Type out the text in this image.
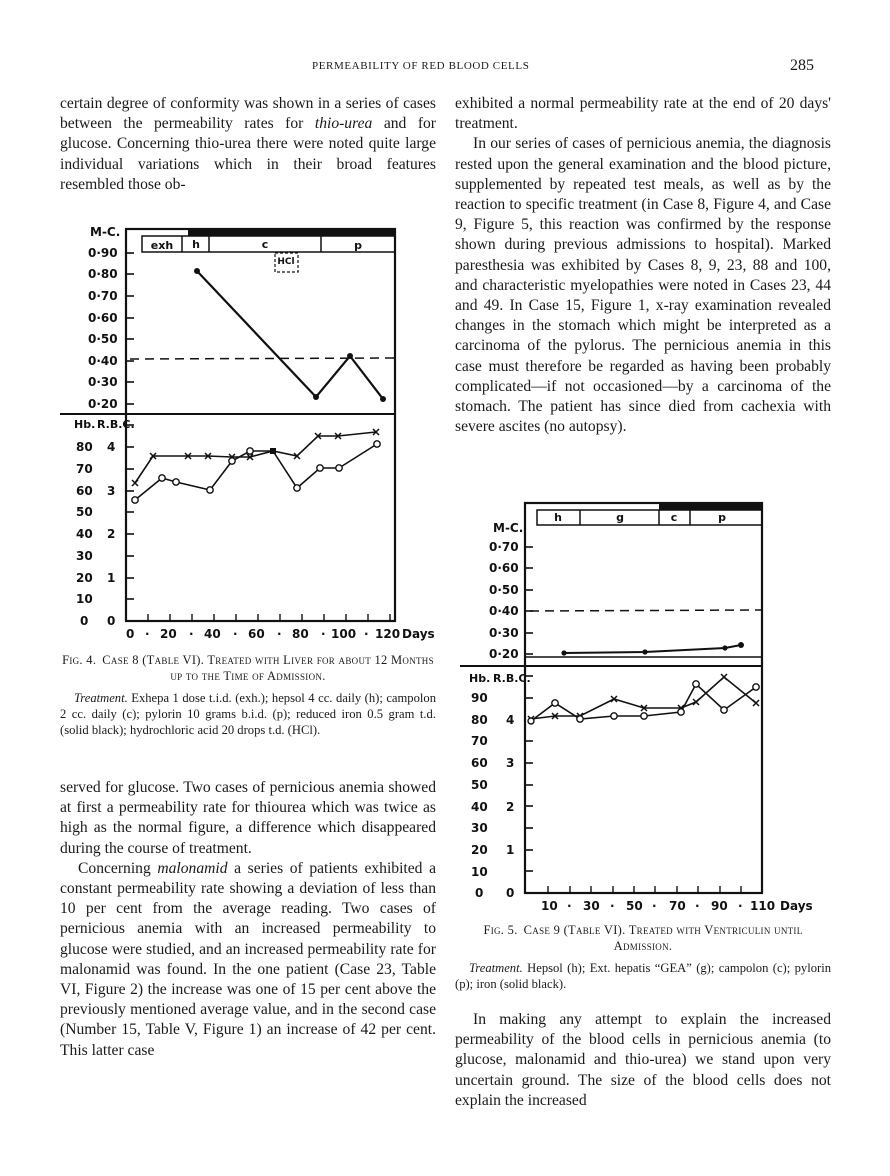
PERMEABILITY OF RED BLOOD CELLS	285

certain degree of conformity was shown in a series of cases between the permeability rates for thio-urea and for glucose. Concerning thio-urea there were noted quite large individual variations which in their broad features resembled those ob-

exh h	c	p
HCl
M-C.
0·90
0·80
0·70
0·60
0·50
0·40
0·30
0·20
Hb. R.B.C.
80
70
60
50
40
30
20
10
0
4
3
2
1
0
0 · 20 · 40 · 60 · 80 · 100 · 120 Days
Fig. 4. Case 8 (Table VI). Treated with Liver for about 12 Months up to the Time of Admission.
Treatment. Exhepa 1 dose t.i.d. (exh.); hepsol 4 cc. daily (h); campolon 2 cc. daily (c); pylorin 10 grams b.i.d. (p); reduced iron 0.5 gram t.d. (solid black); hydrochloric acid 20 drops t.d. (HCl).

served for glucose. Two cases of pernicious anemia showed at first a permeability rate for thiourea which was twice as high as the normal figure, a difference which disappeared during the course of treatment.

Concerning malonamid a series of patients exhibited a constant permeability rate showing a deviation of less than 10 per cent from the average reading. Two cases of pernicious anemia with an increased permeability to glucose were studied, and an increased permeability rate for malonamid was found. In the one patient (Case 23, Table VI, Figure 2) the increase was one of 15 per cent above the previously mentioned average value, and in the second case (Number 15, Table V, Figure 1) an increase of 42 per cent. This latter case

exhibited a normal permeability rate at the end of 20 days' treatment.

In our series of cases of pernicious anemia, the diagnosis rested upon the general examination and the blood picture, supplemented by repeated test meals, as well as by the reaction to specific treatment (in Case 8, Figure 4, and Case 9, Figure 5, this reaction was confirmed by the response shown during previous admissions to hospital). Marked paresthesia was exhibited by Cases 8, 9, 23, 88 and 100, and characteristic myelopathies were noted in Cases 23, 44 and 49. In Case 15, Figure 1, x-ray examination revealed changes in the stomach which might be interpreted as a carcinoma of the pylorus. The pernicious anemia in this case must therefore be regarded as having been probably complicated—if not occasioned—by a carcinoma of the stomach. The patient has since died from cachexia with severe ascites (no autopsy).

h	g	c	p
M-C.
0·70
0·60
0·50
0·40
0·30
0·20
Hb. R.B.C.
90
80
70
60
50
40
30
20
10
0
4
3
2
1
0
10 · 30 · 50 · 70 · 90 · 110 Days
Fig. 5. Case 9 (Table VI). Treated with Ventriculin until Admission.
Treatment. Hepsol (h); Ext. hepatis “GEA” (g); campolon (c); pylorin (p); iron (solid black).

In making any attempt to explain the increased permeability of the blood cells in pernicious anemia (to glucose, malonamid and thio-urea) we stand upon very uncertain ground. The size of the blood cells does not explain the increased
